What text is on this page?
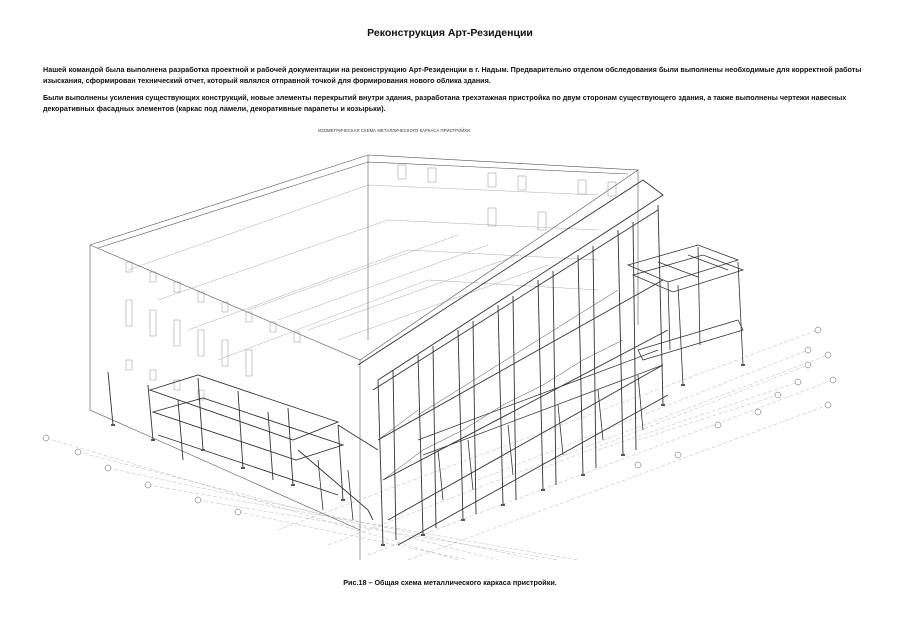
Реконструкция Арт-Резиденции

Нашей командой была выполнена разработка проектной и рабочей документации на реконструкцию Арт-Резиденции в г. Надым. Предварительно отделом обследования были выполнены необходимые для корректной работы изыскания, сформирован технический отчет, который являлся отправной точкой для формирования нового облика здания.

Были выполнены усиления существующих конструкций, новые элементы перекрытий внутри здания, разработана трехэтажная пристройка по двум сторонам существующего здания, а также выполнены чертежи навесных декоративных фасадных элементов (каркас под ламели, декоративные парапеты и козырьки).

ИЗОМЕТРИЧЕСКАЯ СХЕМА МЕТАЛЛИЧЕСКОГО КАРКАСА ПРИСТРОЙКИ
Рис.18 – Общая схема металлического каркаса пристройки.
